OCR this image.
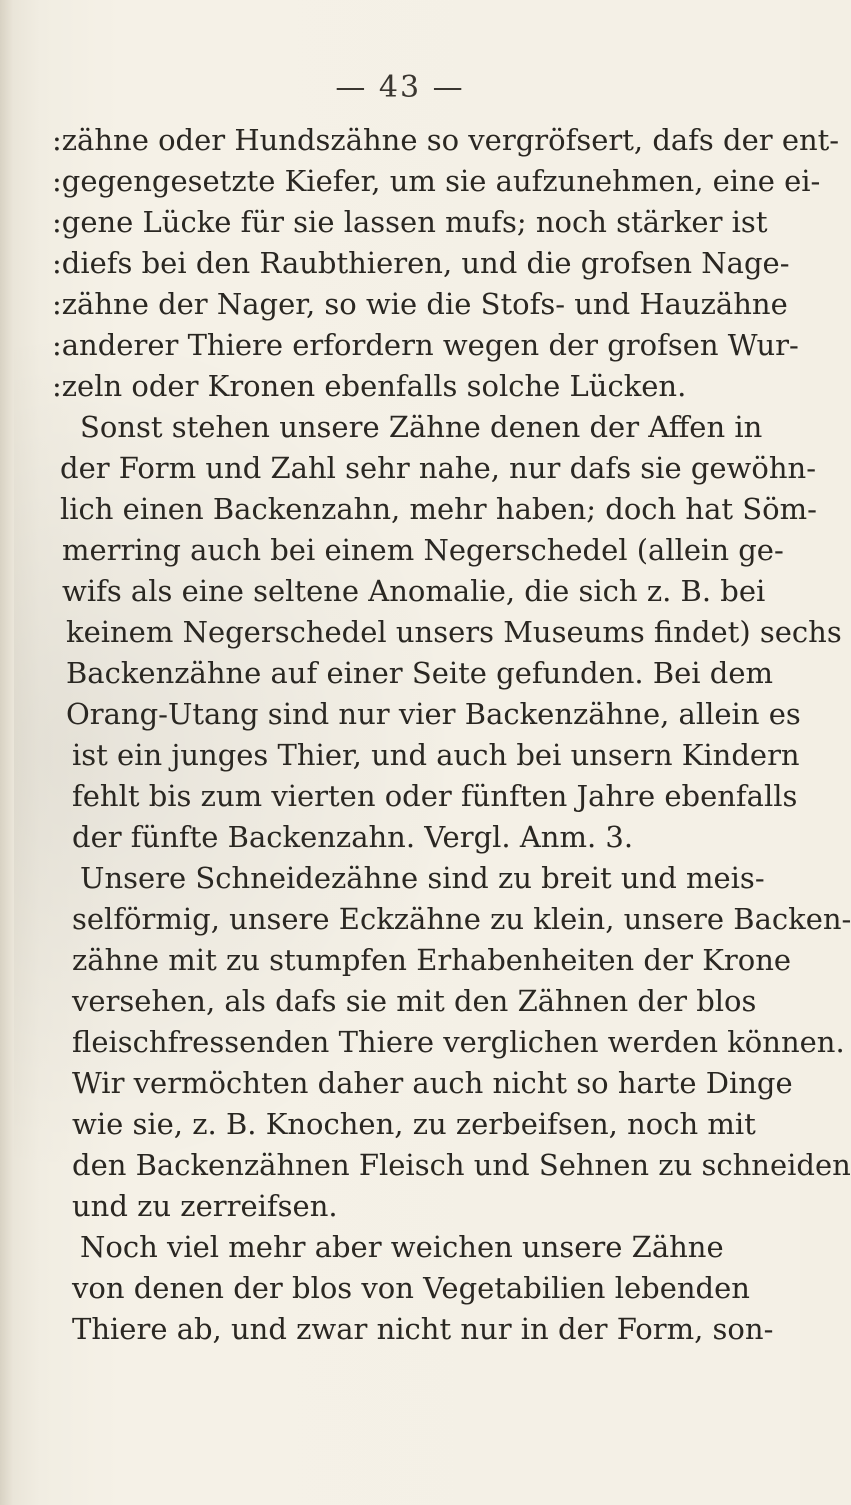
— 43 —
:zähne oder Hundszähne so vergröfsert, dafs der ent-
:gegengesetzte Kiefer, um sie aufzunehmen, eine ei-
:gene Lücke für sie lassen mufs; noch stärker ist
:diefs bei den Raubthieren, und die grofsen Nage-
:zähne der Nager, so wie die Stofs- und Hauzähne
:anderer Thiere erfordern wegen der grofsen Wur-
:zeln oder Kronen ebenfalls solche Lücken.
Sonst stehen unsere Zähne denen der Affen in
der Form und Zahl sehr nahe, nur dafs sie gewöhn-
lich einen Backenzahn, mehr haben; doch hat Söm-
merring auch bei einem Negerschedel (allein ge-
wifs als eine seltene Anomalie, die sich z. B. bei
keinem Negerschedel unsers Museums findet) sechs
Backenzähne auf einer Seite gefunden. Bei dem
Orang-Utang sind nur vier Backenzähne, allein es
ist ein junges Thier, und auch bei unsern Kindern
fehlt bis zum vierten oder fünften Jahre ebenfalls
der fünfte Backenzahn. Vergl. Anm. 3.
Unsere Schneidezähne sind zu breit und meis-
selförmig, unsere Eckzähne zu klein, unsere Backen-
zähne mit zu stumpfen Erhabenheiten der Krone
versehen, als dafs sie mit den Zähnen der blos
fleischfressenden Thiere verglichen werden können.
Wir vermöchten daher auch nicht so harte Dinge
wie sie, z. B. Knochen, zu zerbeifsen, noch mit
den Backenzähnen Fleisch und Sehnen zu schneiden
und zu zerreifsen.
Noch viel mehr aber weichen unsere Zähne
von denen der blos von Vegetabilien lebenden
Thiere ab, und zwar nicht nur in der Form, son-
